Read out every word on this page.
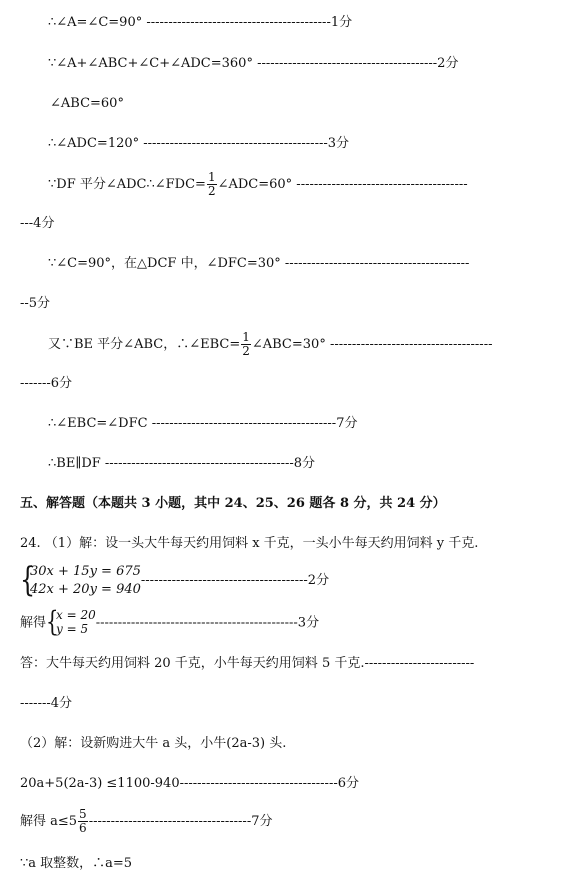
∴∠A=∠C=90° ------------------------------------------1分
∵∠A+∠ABC+∠C+∠ADC=360° -----------------------------------------2分
∠ABC=60°
∴∠ADC=120° ------------------------------------------3分
∵DF 平分∠ADC∴∠FDC= $\frac{1}{2}$ ∠ADC=60° ---------------------------------------
---4分
∵∠C=90°，在△DCF 中，∠DFC=30° ------------------------------------------
--5分
又∵BE 平分∠ABC，∴∠EBC= $\frac{1}{2}$ ∠ABC=30° -------------------------------------
-------6分
∴∠EBC=∠DFC ------------------------------------------7分
∴BE∥DF -------------------------------------------8分
五、解答题（本题共 3 小题，其中 24、25、26 题各 8 分，共 24 分）
24. （1）解：设一头大牛每天约用饲料 x 千克，一头小牛每天约用饲料 y 千克.
{
30x + 15y = 675
42x + 20y = 940
--------------------------------------2分
解得 {
x = 20
y = 5 ----------------------------------------------3分
答：大牛每天约用饲料 20 千克，小牛每天约用饲料 5 千克.-------------------------
-------4分
（2）解：设新购进大牛 a 头，小牛(2a-3) 头.
20a+5(2a-3) ≤1100-940------------------------------------6分
解得 $a\le 5 \frac{5}{6} -------------------------------------7$分
∵a 取整数，∴a=5
